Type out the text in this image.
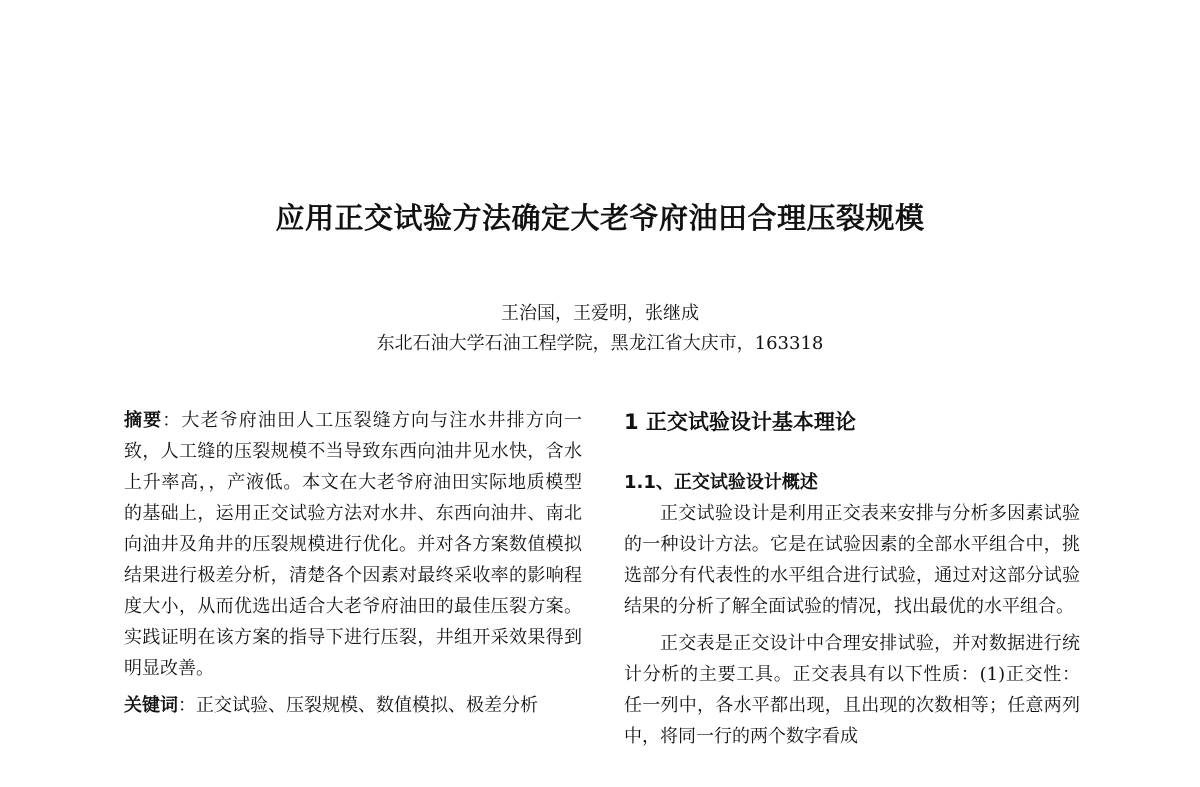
应用正交试验方法确定大老爷府油田合理压裂规模
王治国，王爱明，张继成
东北石油大学石油工程学院，黑龙江省大庆市，163318

摘要：大老爷府油田人工压裂缝方向与注水井排方向一致，人工缝的压裂规模不当导致东西向油井见水快，含水上升率高，，产液低。本文在大老爷府油田实际地质模型的基础上，运用正交试验方法对水井、东西向油井、南北向油井及角井的压裂规模进行优化。并对各方案数值模拟结果进行极差分析，清楚各个因素对最终采收率的影响程度大小，从而优选出适合大老爷府油田的最佳压裂方案。实践证明在该方案的指导下进行压裂，井组开采效果得到明显改善。

关键词：正交试验、压裂规模、数值模拟、极差分析

1 正交试验设计基本理论
1.1、正交试验设计概述

正交试验设计是利用正交表来安排与分析多因素试验的一种设计方法。它是在试验因素的全部水平组合中，挑选部分有代表性的水平组合进行试验，通过对这部分试验结果的分析了解全面试验的情况，找出最优的水平组合。

正交表是正交设计中合理安排试验，并对数据进行统计分析的主要工具。正交表具有以下性质：(1)正交性：任一列中，各水平都出现，且出现的次数相等；任意两列中，将同一行的两个数字看成
